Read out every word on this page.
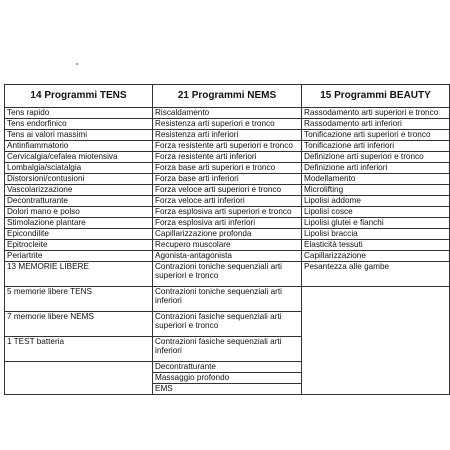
14 Programmi TENS	21 Programmi NEMS	15 Programmi BEAUTY
Tens rapido	Riscaldamento	Rassodamento arti superiori e tronco
Tens endorfinico	Resistenza arti superiori e tronco	Rassodamento arti inferiori
Tens ai valori massimi	Resistenza arti inferiori	Tonificazione arti superiori e tronco
Antinfiammatorio	Forza resistente arti superiori e tronco	Tonificazione arti inferiori
Cervicalgia/cefalea miotensiva	Forza resistente arti inferiori	Definizione arti superiori e tronco
Lombalgia/sciatalgia	Forza base arti superiori e tronco	Definizione arti inferiori
Distorsioni/contusioni	Forza base arti inferiori	Modellamento
Vascolarizzazione	Forza veloce arti superiori e tronco	Microlifting
Decontratturante	Forza veloce arti inferiori	Lipolisi addome
Dolori mano e polso	Forza esplosiva arti superiori e tronco	Lipolisi cosce
Stimolazione plantare	Forza esplosiva arti inferiori	Lipolisi glutei e fianchi
Epicondilite	Capillarizzazione profonda	Lipolisi braccia
Epitrocleite	Recupero muscolare	Elasticità tessuti
Periartrite	Agonista-antagonista	Capillarizzazione
13 MEMORIE LIBERE	Contrazioni toniche sequenziali arti superiori e tronco	Pesantezza alle gambe
5 memorie libere TENS	Contrazioni toniche sequenziali arti inferiori	
7 memorie libere NEMS	Contrazioni fasiche sequenziali arti superiori e tronco	
1 TEST batteria	Contrazioni fasiche sequenziali arti inferiori	
	Decontratturante	
	Massaggio profondo	
	EMS	
